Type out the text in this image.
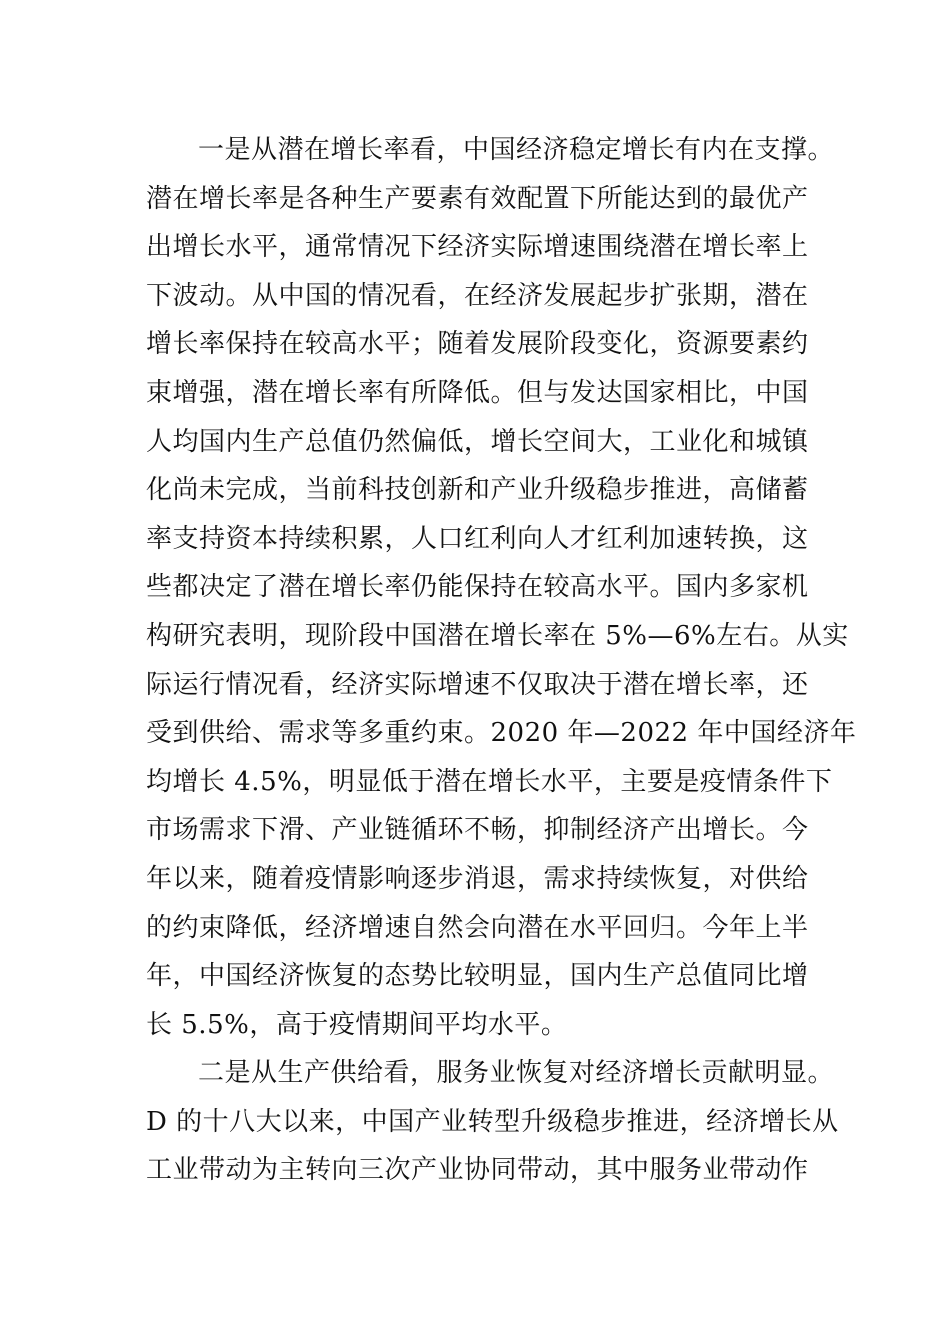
一是从潜在增长率看，中国经济稳定增长有内在支撑。
潜在增长率是各种生产要素有效配置下所能达到的最优产
出增长水平，通常情况下经济实际增速围绕潜在增长率上
下波动。从中国的情况看，在经济发展起步扩张期，潜在
增长率保持在较高水平；随着发展阶段变化，资源要素约
束增强，潜在增长率有所降低。但与发达国家相比，中国
人均国内生产总值仍然偏低，增长空间大，工业化和城镇
化尚未完成，当前科技创新和产业升级稳步推进，高储蓄
率支持资本持续积累，人口红利向人才红利加速转换，这
些都决定了潜在增长率仍能保持在较高水平。国内多家机
构研究表明，现阶段中国潜在增长率在 5%—6%左右。从实
际运行情况看，经济实际增速不仅取决于潜在增长率，还
受到供给、需求等多重约束。2020 年—2022 年中国经济年
均增长 4.5%，明显低于潜在增长水平，主要是疫情条件下
市场需求下滑、产业链循环不畅，抑制经济产出增长。今
年以来，随着疫情影响逐步消退，需求持续恢复，对供给
的约束降低，经济增速自然会向潜在水平回归。今年上半
年，中国经济恢复的态势比较明显，国内生产总值同比增
长 5.5%，高于疫情期间平均水平。
二是从生产供给看，服务业恢复对经济增长贡献明显。
D 的十八大以来，中国产业转型升级稳步推进，经济增长从
工业带动为主转向三次产业协同带动，其中服务业带动作
